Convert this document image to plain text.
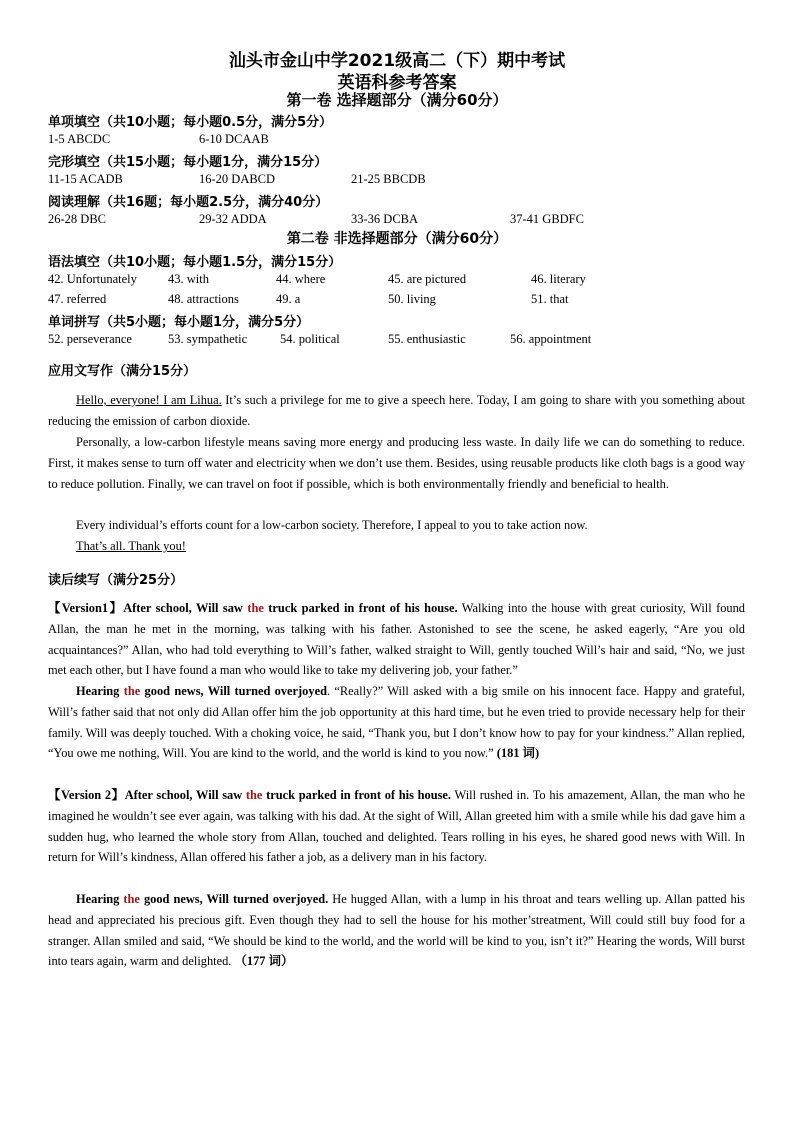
汕头市金山中学2021级高二（下）期中考试
英语科参考答案
第一卷 选择题部分（满分60分）
单项填空（共10小题；每小题0.5分，满分5分）
1-5 ABCDC	6-10 DCAAB
完形填空（共15小题；每小题1分，满分15分）
11-15 ACADB	16-20 DABCD	21-25 BBCDB
阅读理解（共16题；每小题2.5分，满分40分）
26-28 DBC	29-32 ADDA	33-36 DCBA	37-41 GBDFC
第二卷 非选择题部分（满分60分）
语法填空（共10小题；每小题1.5分，满分15分）
42. Unfortunately 43. with	44. where	45. are pictured	46. literary
47. referred	48. attractions	49. a	50. living	51. that
单词拼写（共5小题；每小题1分，满分5分）
52. perseverance	53. sympathetic	54. political	55. enthusiastic	56. appointment
应用文写作（满分15分）

Hello, everyone! I am Lihua. It’s such a privilege for me to give a speech here. Today, I am going to share with you something about reducing the emission of carbon dioxide.

Personally, a low-carbon lifestyle means saving more energy and producing less waste. In daily life we can do something to reduce. First, it makes sense to turn off water and electricity when we don’t use them. Besides, using reusable products like cloth bags is a good way to reduce pollution. Finally, we can travel on foot if possible, which is both environmentally friendly and beneficial to health.

Every individual’s efforts count for a low-carbon society. Therefore, I appeal to you to take action now.

That’s all. Thank you!

读后续写（满分25分）

【Version1】After school, Will saw the truck parked in front of his house. Walking into the house with great curiosity, Will found Allan, the man he met in the morning, was talking with his father. Astonished to see the scene, he asked eagerly, “Are you old acquaintances?” Allan, who had told everything to Will’s father, walked straight to Will, gently touched Will’s hair and said, “No, we just met each other, but I have found a man who would like to take my delivering job, your father.”

Hearing the good news, Will turned overjoyed. “Really?” Will asked with a big smile on his innocent face. Happy and grateful, Will’s father said that not only did Allan offer him the job opportunity at this hard time, but he even tried to provide necessary help for their family. Will was deeply touched. With a choking voice, he said, “Thank you, but I don’t know how to pay for your kindness.” Allan replied, “You owe me nothing, Will. You are kind to the world, and the world is kind to you now.” (181 词)

【Version 2】After school, Will saw the truck parked in front of his house. Will rushed in. To his amazement, Allan, the man who he imagined he wouldn’t see ever again, was talking with his dad. At the sight of Will, Allan greeted him with a smile while his dad gave him a sudden hug, who learned the whole story from Allan, touched and delighted. Tears rolling in his eyes, he shared good news with Will. In return for Will’s kindness, Allan offered his father a job, as a delivery man in his factory.

Hearing the good news, Will turned overjoyed. He hugged Allan, with a lump in his throat and tears welling up. Allan patted his head and appreciated his precious gift. Even though they had to sell the house for his mother’streatment, Will could still buy food for a stranger. Allan smiled and said, “We should be kind to the world, and the world will be kind to you, isn’t it?” Hearing the words, Will burst into tears again, warm and delighted. （177 词）
